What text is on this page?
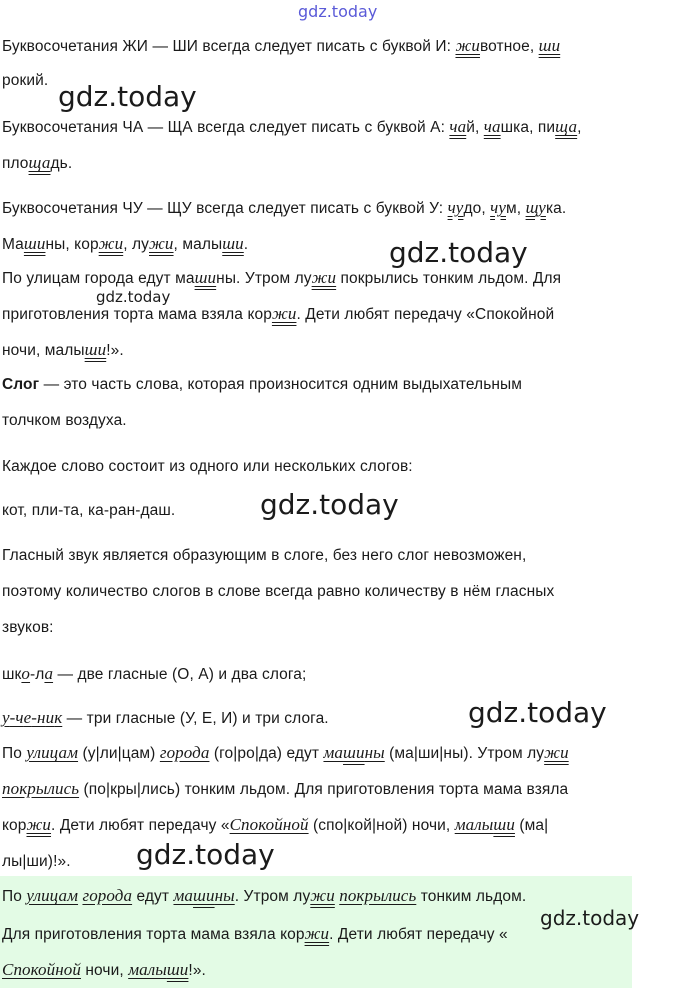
gdz.today
gdz.today
gdz.today
gdz.today
gdz.today
gdz.today
gdz.today
Буквосочетания ЖИ — ШИ всегда следует писать с буквой И: животное, ши
рокий.
Буквосочетания ЧА — ЩА всегда следует писать с буквой А: чай, чашка, пища,
площадь.
Буквосочетания ЧУ — ЩУ всегда следует писать с буквой У: чудо, чум, щука.
Машины, коржи, лужи, малыши.
По улицам города едут машины. Утром лужи покрылись тонким льдом. Для
приготовления торта мама взяла коржи. Дети любят передачу «Спокойной
ночи, малыши!».
Слог — это часть слова, которая произносится одним выдыхательным
толчком воздуха.
Каждое слово состоит из одного или нескольких слогов:
кот, пли-та, ка-ран-даш.
Гласный звук является образующим в слоге, без него слог невозможен,
поэтому количество слогов в слове всегда равно количеству в нём гласных
звуков:
шко-ла — две гласные (О, А) и два слога;
у-че-ник — три гласные (У, Е, И) и три слога.
По улицам (у|ли|цам) города (го|ро|да) едут машины (ма|ши|ны). Утром лужи
покрылись (по|кры|лись) тонким льдом. Для приготовления торта мама взяла
коржи. Дети любят передачу «Спокойной (спо|кой|ной) ночи, малыши (ма|
лы|ши)!».
gdz.today
По улицам города едут машины. Утром лужи покрылись тонким льдом.
Для приготовления торта мама взяла коржи. Дети любят передачу «
Спокойной ночи, малыши!».
